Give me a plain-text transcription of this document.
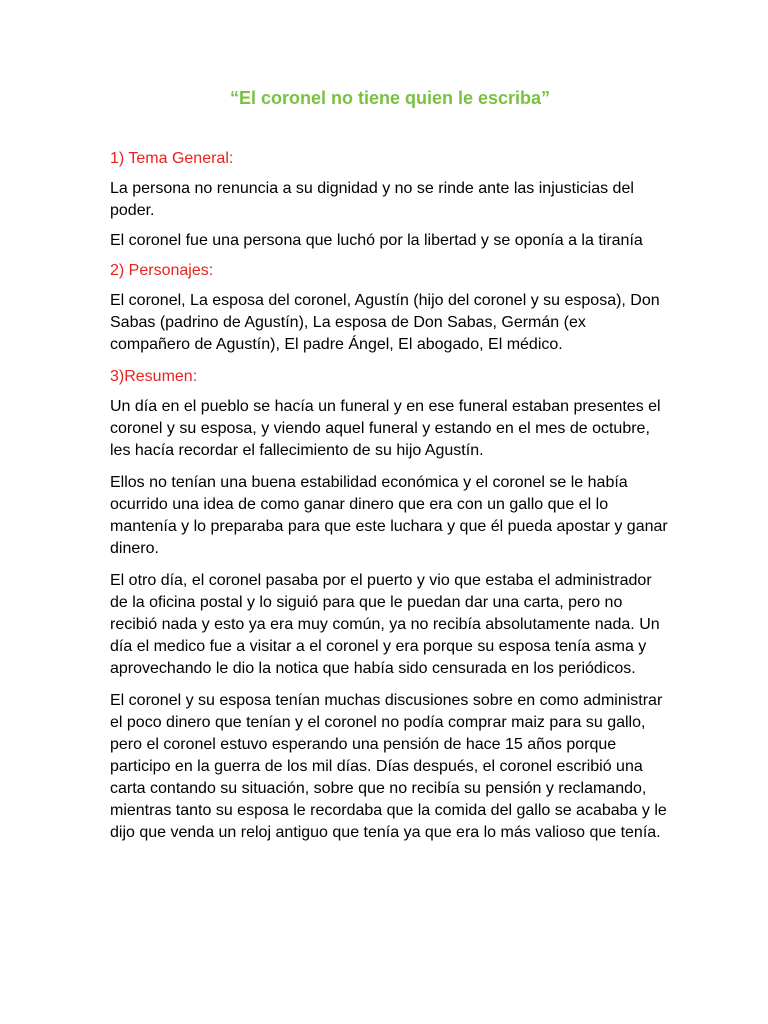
“El coronel no tiene quien le escriba”
1) Tema General:

La persona no renuncia a su dignidad y no se rinde ante las injusticias del poder.

El coronel fue una persona que luchó por la libertad y se oponía a la tiranía

2) Personajes:

El coronel, La esposa del coronel, Agustín (hijo del coronel y su esposa), Don Sabas (padrino de Agustín), La esposa de Don Sabas, Germán (ex compañero de Agustín), El padre Ángel, El abogado, El médico.

3)Resumen:

Un día en el pueblo se hacía un funeral y en ese funeral estaban presentes el coronel y su esposa, y viendo aquel funeral y estando en el mes de octubre, les hacía recordar el fallecimiento de su hijo Agustín.

Ellos no tenían una buena estabilidad económica y el coronel se le había ocurrido una idea de como ganar dinero que era con un gallo que el lo mantenía y lo preparaba para que este luchara y que él pueda apostar y ganar dinero.

El otro día, el coronel pasaba por el puerto y vio que estaba el administrador de la oficina postal y lo siguió para que le puedan dar una carta, pero no recibió nada y esto ya era muy común, ya no recibía absolutamente nada. Un día el medico fue a visitar a el coronel y era porque su esposa tenía asma y aprovechando le dio la notica que había sido censurada en los periódicos.

El coronel y su esposa tenían muchas discusiones sobre en como administrar el poco dinero que tenían y el coronel no podía comprar maiz para su gallo, pero el coronel estuvo esperando una pensión de hace 15 años porque participo en la guerra de los mil días. Días después, el coronel escribió una carta contando su situación, sobre que no recibía su pensión y reclamando, mientras tanto su esposa le recordaba que la comida del gallo se acababa y le dijo que venda un reloj antiguo que tenía ya que era lo más valioso que tenía.
